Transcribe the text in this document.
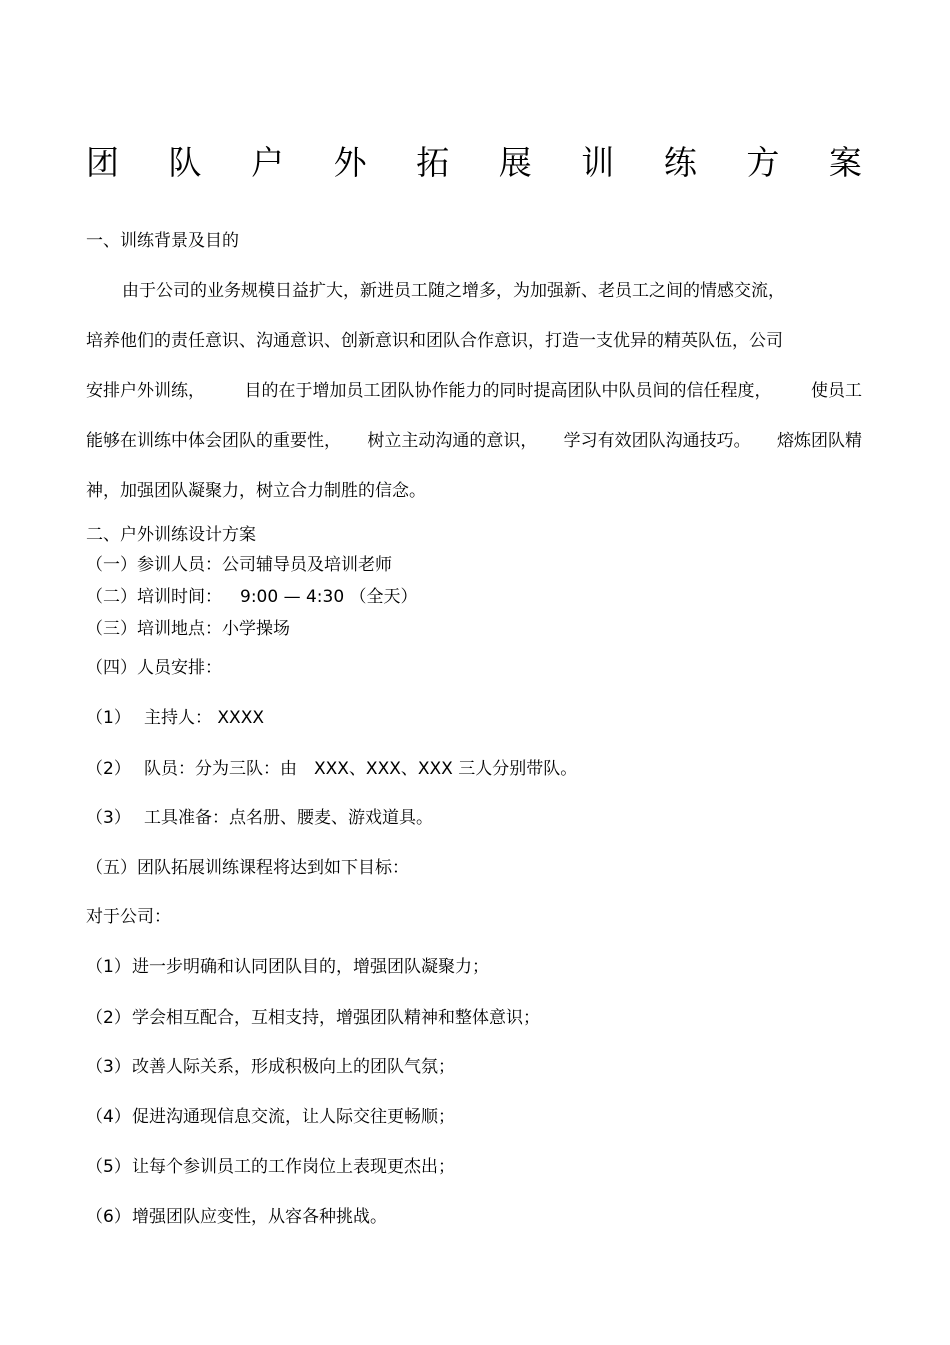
团 队 户 外 拓 展 训 练 方 案

一、训练背景及目的

由于公司的业务规模日益扩大，新进员工随之增多，为加强新、老员工之间的情感交流，

培养他们的责任意识、沟通意识、创新意识和团队合作意识，打造一支优异的精英队伍，公司

安排户外训练， 目的在于增加员工团队协作能力的同时提高团队中队员间的信任程度， 使员工
能够在训练中体会团队的重要性， 树立主动沟通的意识， 学习有效团队沟通技巧。 熔炼团队精

神，加强团队凝聚力，树立合力制胜的信念。

二、户外训练设计方案

（一）参训人员：公司辅导员及培训老师

（二）培训时间： 9:00 — 4:30 （全天）

（三）培训地点：小学操场

（四）人员安排：

（1） 主持人： XXXX

（2） 队员：分为三队：由　XXX、XXX、XXX 三人分别带队。

（3） 工具准备：点名册、腰麦、游戏道具。

（五）团队拓展训练课程将达到如下目标：

对于公司：

（1）进一步明确和认同团队目的，增强团队凝聚力；

（2）学会相互配合，互相支持，增强团队精神和整体意识；

（3）改善人际关系，形成积极向上的团队气氛；

（4）促进沟通现信息交流，让人际交往更畅顺；

（5）让每个参训员工的工作岗位上表现更杰出；

（6）增强团队应变性，从容各种挑战。
